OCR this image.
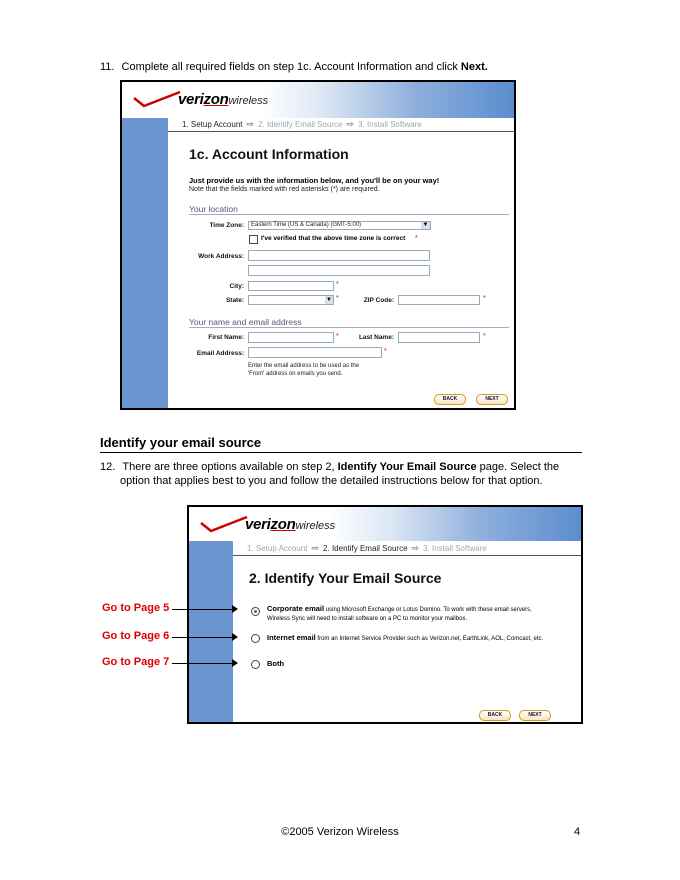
11. Complete all required fields on step 1c. Account Information and click Next.
verizonwireless
1. Setup Account ⇨ 2. Identify Email Source ⇨ 3. Install Software
1c. Account Information
Just provide us with the information below, and you'll be on your way!
Note that the fields marked with red asterisks (*) are required.
Your location
Time Zone:	Eastern Time (US & Canada) (GMT-5:00)	▼
I've verified that the above time zone is correct *
Work Address:
City:	*
State:	▼ *	ZIP Code:	*
Your name and email address
First Name:	*	Last Name:	*
Email Address:	*
Enter the email address to be used as the
'From' address on emails you send.
BACK	NEXT
Identify your email source
12. There are three options available on step 2, Identify Your Email Source page. Select the
option that applies best to you and follow the detailed instructions below for that option.
verizonwireless
1. Setup Account ⇨ 2. Identify Email Source ⇨ 3. Install Software
2. Identify Your Email Source
Corporate email using Microsoft Exchange or Lotus Domino. To work with these email servers,
Wireless Sync will need to install software on a PC to monitor your mailbox.
Internet email from an Internet Service Provider such as Verizon.net, EarthLink, AOL, Comcast, etc.
Both
BACK	NEXT
Go to Page 5
Go to Page 6
Go to Page 7
©2005 Verizon Wireless	4
